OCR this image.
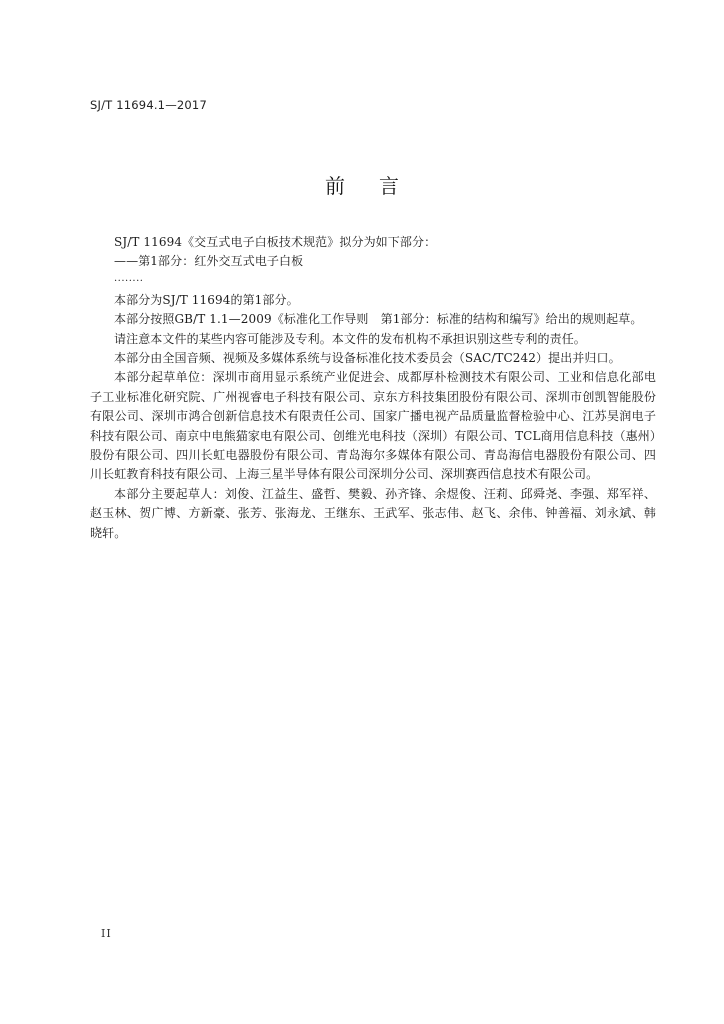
SJ/T 11694.1—2017
前言

SJ/T 11694《交互式电子白板技术规范》拟分为如下部分：

——第1部分：红外交互式电子白板

........

本部分为SJ/T 11694的第1部分。

本部分按照GB/T 1.1—2009《标准化工作导则　第1部分：标准的结构和编写》给出的规则起草。

请注意本文件的某些内容可能涉及专利。本文件的发布机构不承担识别这些专利的责任。

本部分由全国音频、视频及多媒体系统与设备标准化技术委员会（SAC/TC242）提出并归口。

本部分起草单位：深圳市商用显示系统产业促进会、成都厚朴检测技术有限公司、工业和信息化部电子工业标准化研究院、广州视睿电子科技有限公司、京东方科技集团股份有限公司、深圳市创凯智能股份有限公司、深圳市鸿合创新信息技术有限责任公司、国家广播电视产品质量监督检验中心、江苏昊润电子科技有限公司、南京中电熊猫家电有限公司、创维光电科技（深圳）有限公司、TCL商用信息科技（惠州）股份有限公司、四川长虹电器股份有限公司、青岛海尔多媒体有限公司、青岛海信电器股份有限公司、四川长虹教育科技有限公司、上海三星半导体有限公司深圳分公司、深圳赛西信息技术有限公司。

本部分主要起草人：刘俊、江益生、盛哲、樊毅、孙齐锋、余煜俊、汪莉、邱舜尧、李强、郑军祥、赵玉林、贺广博、方新豪、张芳、张海龙、王继东、王武军、张志伟、赵飞、余伟、钟善福、刘永斌、韩晓轩。

II
